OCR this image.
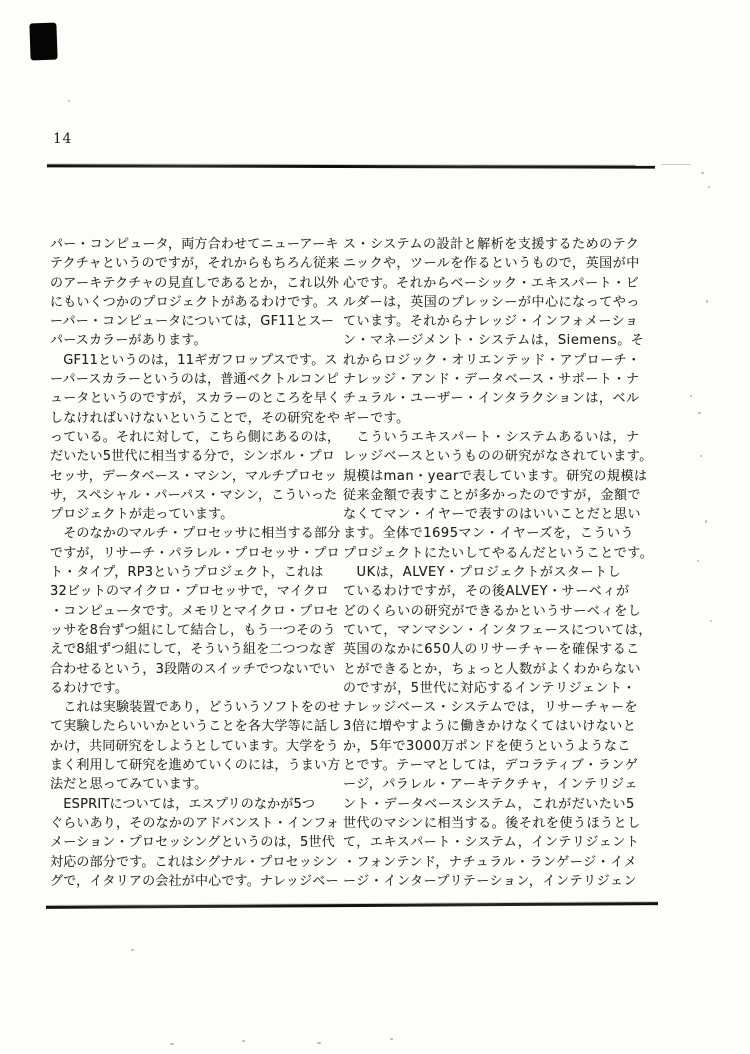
14
パー・コンピュータ，両方合わせてニューアーキ
テクチャというのですが，それからもちろん従来
のアーキテクチャの見直しであるとか，これ以外
にもいくつかのプロジェクトがあるわけです。ス
ーパー・コンピュータについては，GF11とスー
パースカラーがあります。
　GF11というのは，11ギガフロップスです。ス
ーパースカラーというのは，普通ベクトルコンピ
ュータというのですが，スカラーのところを早く
しなければいけないということで，その研究をや
っている。それに対して，こちら側にあるのは，
だいたい5世代に相当する分で，シンボル・プロ
セッサ，データベース・マシン，マルチプロセッ
サ，スペシャル・パーパス・マシン，こういった
プロジェクトが走っています。
　そのなかのマルチ・プロセッサに相当する部分
ですが，リサーチ・パラレル・プロセッサ・プロ
ト・タイプ，RP3というプロジェクト，これは
32ビットのマイクロ・プロセッサで，マイクロ
・コンピュータです。メモリとマイクロ・プロセ
ッサを8台ずつ組にして結合し，もう一つそのう
えで8組ずつ組にして，そういう組を二つつなぎ
合わせるという，3段階のスイッチでつないでい
るわけです。
　これは実験装置であり，どういうソフトをのせ
て実験したらいいかということを各大学等に話し
かけ，共同研究をしようとしています。大学をう
まく利用して研究を進めていくのには，うまい方
法だと思ってみています。
　ESPRITについては，エスプリのなかが5つ
ぐらいあり，そのなかのアドバンスト・インフォ
メーション・プロセッシングというのは，5世代
対応の部分です。これはシグナル・プロセッシン
グで，イタリアの会社が中心です。ナレッジベー
ス・システムの設計と解析を支援するためのテク
ニックや，ツールを作るというもので，英国が中
心です。それからベーシック・エキスパート・ビ
ルダーは，英国のプレッシーが中心になってやっ
ています。それからナレッジ・インフォメーショ
ン・マネージメント・システムは，Siemens。そ
れからロジック・オリエンテッド・アプローチ・
ナレッジ・アンド・データベース・サポート・ナ
チュラル・ユーザー・インタラクションは，ベル
ギーです。
　こういうエキスパート・システムあるいは，ナ
レッジベースというものの研究がなされています。
規模はman・yearで表しています。研究の規模は
従来金額で表すことが多かったのですが，金額で
なくてマン・イヤーで表すのはいいことだと思い
ます。全体で1695マン・イヤーズを，こういう
プロジェクトにたいしてやるんだということです。
　UKは，ALVEY・プロジェクトがスタートし
ているわけですが，その後ALVEY・サーベィが
どのくらいの研究ができるかというサーベィをし
ていて，マンマシン・インタフェースについては，
英国のなかに650人のリサーチャーを確保するこ
とができるとか，ちょっと人数がよくわからない
のですが，5世代に対応するインテリジェント・
ナレッジベース・システムでは，リサーチャーを
3倍に増やすように働きかけなくてはいけないと
か，5年で3000万ポンドを使うというようなこ
とです。テーマとしては，デコラティブ・ランゲ
ージ，パラレル・アーキテクチャ，インテリジェ
ント・データベースシステム，これがだいたい5
世代のマシンに相当する。後それを使うほうとし
て，エキスパート・システム，インテリジェント
・フォンテンド，ナチュラル・ランゲージ・イメ
ージ・インタープリテーション，インテリジェン
